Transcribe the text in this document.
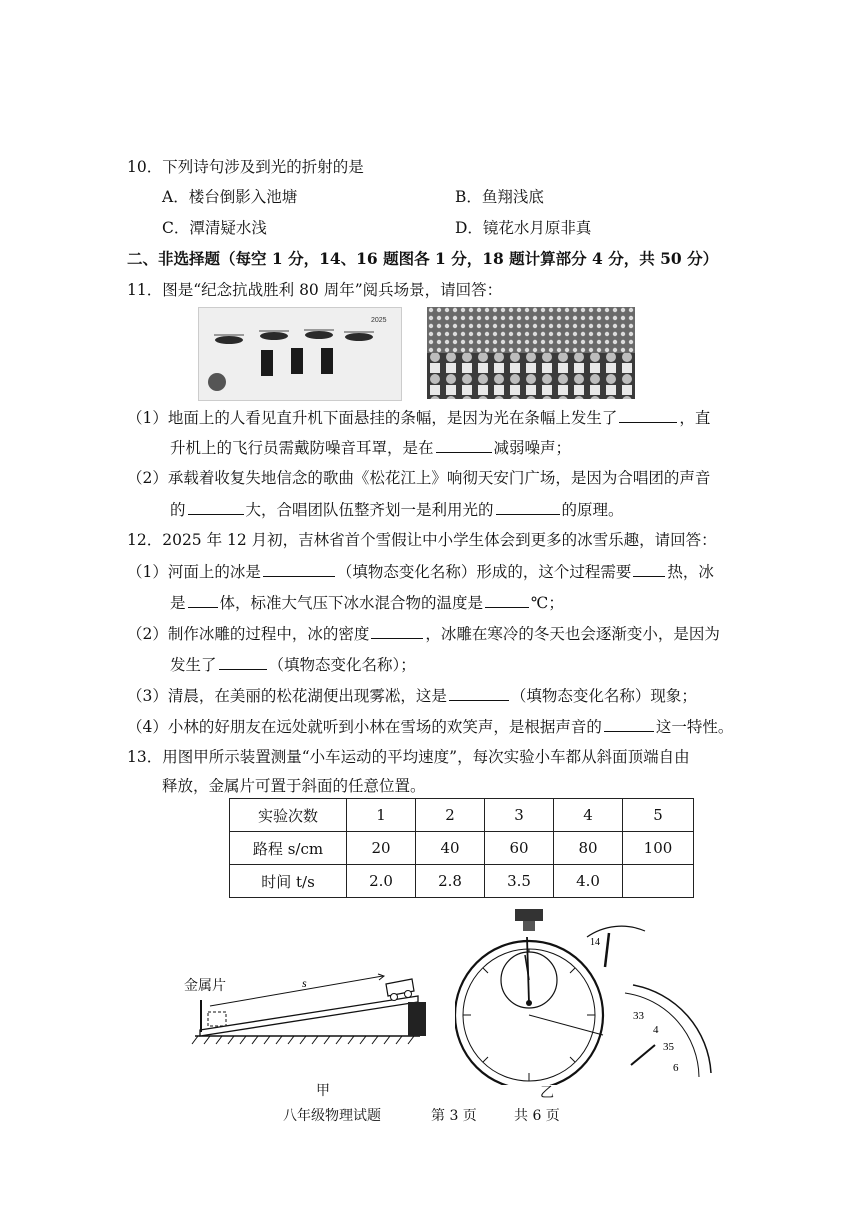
10．下列诗句涉及到光的折射的是
A．楼台倒影入池塘	B．鱼翔浅底
C．潭清疑水浅	D．镜花水月原非真
二、非选择题（每空 1 分，14、16 题图各 1 分，18 题计算部分 4 分，共 50 分）
11．图是“纪念抗战胜利 80 周年”阅兵场景，请回答：
2025
（1）地面上的人看见直升机下面悬挂的条幅，是因为光在条幅上发生了	，直
升机上的飞行员需戴防噪音耳罩，是在	减弱噪声；
（2）承载着收复失地信念的歌曲《松花江上》响彻天安门广场，是因为合唱团的声音
的	大，合唱团队伍整齐划一是利用光的	的原理。
12．2025 年 12 月初，吉林省首个雪假让中小学生体会到更多的冰雪乐趣，请回答：
（1）河面上的冰是	（填物态变化名称）形成的，这个过程需要 热，冰
是 体，标准大气压下冰水混合物的温度是	℃；
（2）制作冰雕的过程中，冰的密度	，冰雕在寒冷的冬天也会逐渐变小，是因为
发生了	（填物态变化名称）；
（3）清晨，在美丽的松花湖便出现雾凇，这是	（填物态变化名称）现象；
（4）小林的好朋友在远处就听到小林在雪场的欢笑声，是根据声音的	这一特性。
13．用图甲所示装置测量“小车运动的平均速度”，每次实验小车都从斜面顶端自由
释放，金属片可置于斜面的任意位置。
实验次数	1	2	3	4	5
路程 s/cm	20	40	60	80	100
时间 t/s	2.0	2.8	3.5	4.0	
s
金属片
14
33
4
35
6
甲	乙
八年级物理试题	第 3 页	共 6 页
